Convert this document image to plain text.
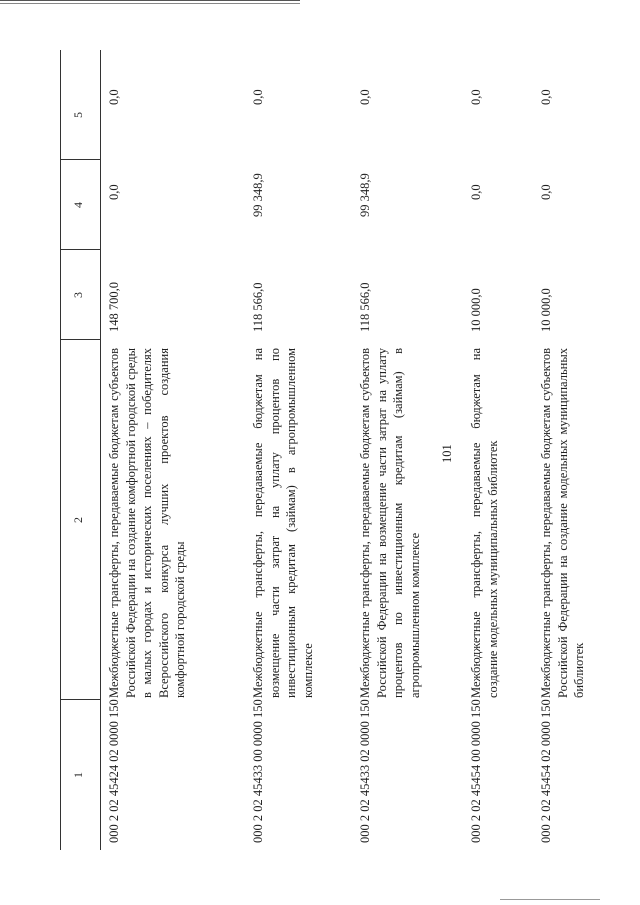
101
1
2
3
4
5
000 2 02 45424 02 0000 150
Межбюджетные трансферты, передаваемые бюджетам субъектов Российской Федерации на создание комфортной городской среды в малых городах и исторических поселениях – победителях Всероссийского конкурса лучших проектов создания комфортной городской среды
148 700,0
0,0
0,0
000 2 02 45433 00 0000 150
Межбюджетные трансферты, передаваемые бюджетам на возмещение части затрат на уплату процентов по инвестиционным кредитам (займам) в агропромышленном комплексе
118 566,0
99 348,9
0,0
000 2 02 45433 02 0000 150
Межбюджетные трансферты, передаваемые бюджетам субъектов Российской Федерации на возмещение части затрат на уплату процентов по инвестиционным кредитам (займам) в агропромышленном комплексе
118 566,0
99 348,9
0,0
000 2 02 45454 00 0000 150
Межбюджетные трансферты, передаваемые бюджетам на создание модельных муниципальных библиотек
10 000,0
0,0
0,0
000 2 02 45454 02 0000 150
Межбюджетные трансферты, передаваемые бюджетам субъектов Российской Федерации на создание модельных муниципальных библиотек
10 000,0
0,0
0,0
